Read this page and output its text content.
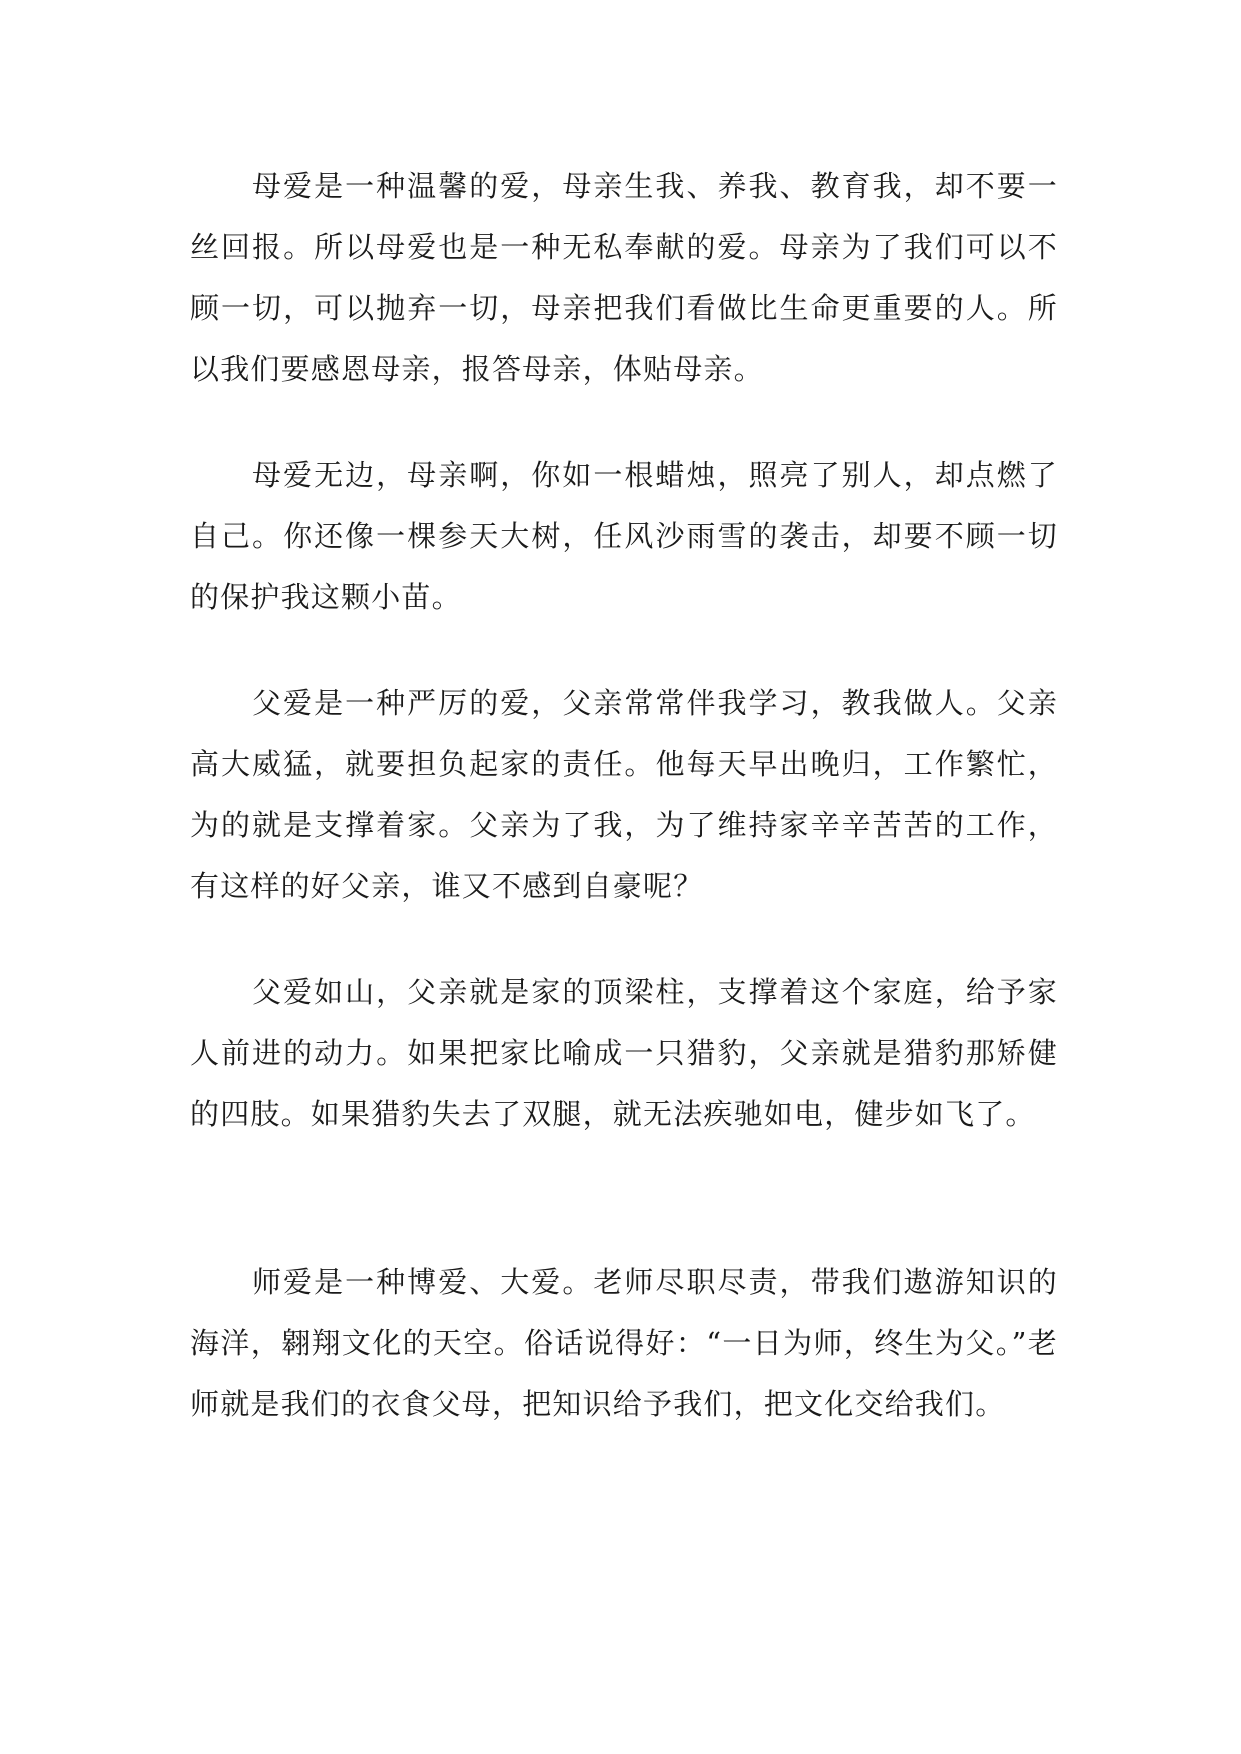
母爱是一种温馨的爱，母亲生我、养我、教育我，却不要一丝回报。所以母爱也是一种无私奉献的爱。母亲为了我们可以不顾一切，可以抛弃一切，母亲把我们看做比生命更重要的人。所以我们要感恩母亲，报答母亲，体贴母亲。

母爱无边，母亲啊，你如一根蜡烛，照亮了别人，却点燃了自己。你还像一棵参天大树，任风沙雨雪的袭击，却要不顾一切的保护我这颗小苗。

父爱是一种严厉的爱，父亲常常伴我学习，教我做人。父亲高大威猛，就要担负起家的责任。他每天早出晚归，工作繁忙，为的就是支撑着家。父亲为了我，为了维持家辛辛苦苦的工作，有这样的好父亲，谁又不感到自豪呢？

父爱如山，父亲就是家的顶梁柱，支撑着这个家庭，给予家人前进的动力。如果把家比喻成一只猎豹，父亲就是猎豹那矫健的四肢。如果猎豹失去了双腿，就无法疾驰如电，健步如飞了。

师爱是一种博爱、大爱。老师尽职尽责，带我们遨游知识的海洋，翱翔文化的天空。俗话说得好：“一日为师，终生为父。”老师就是我们的衣食父母，把知识给予我们，把文化交给我们。
